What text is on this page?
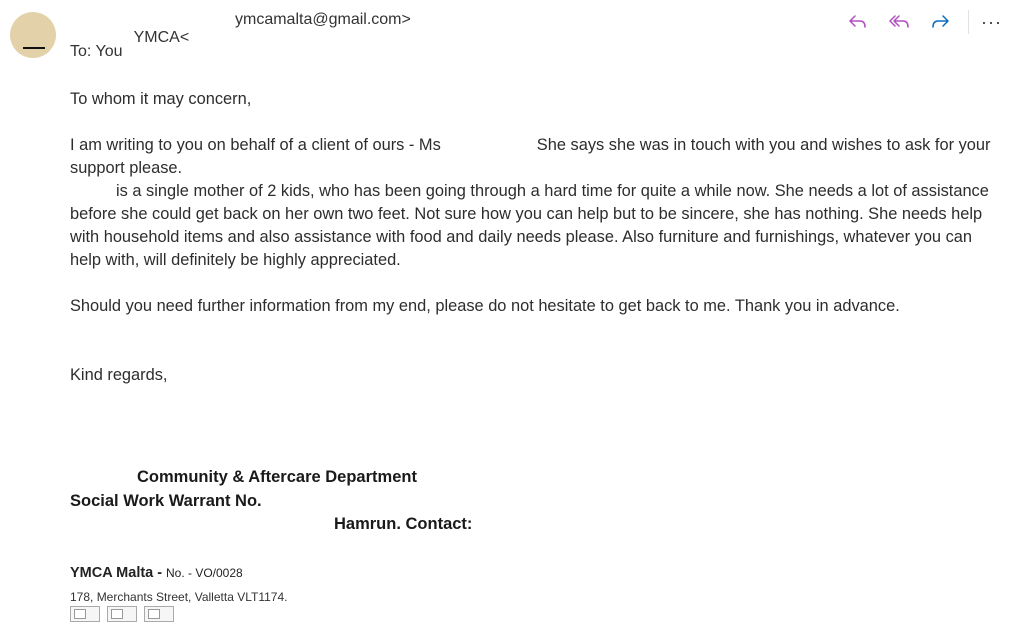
YMCA<

ymcamalta@gmail.com>

To: You
···

To whom it may concern,

I am writing to you on behalf of a client of ours - Ms	She says she was in touch with you and wishes to ask for your support please.

is a single mother of 2 kids, who has been going through a hard time for quite a while now. She needs a lot of assistance before she could get back on her own two feet. Not sure how you can help but to be sincere, she has nothing. She needs help with household items and also assistance with food and daily needs please. Also furniture and furnishings, whatever you can help with, will definitely be highly appreciated.

Should you need further information from my end, please do not hesitate to get back to me. Thank you in advance.

Kind regards,

Community & Aftercare Department
Social Work Warrant No.
Hamrun. Contact:
YMCA Malta - No. - VO/0028
178, Merchants Street, Valletta VLT1174.
